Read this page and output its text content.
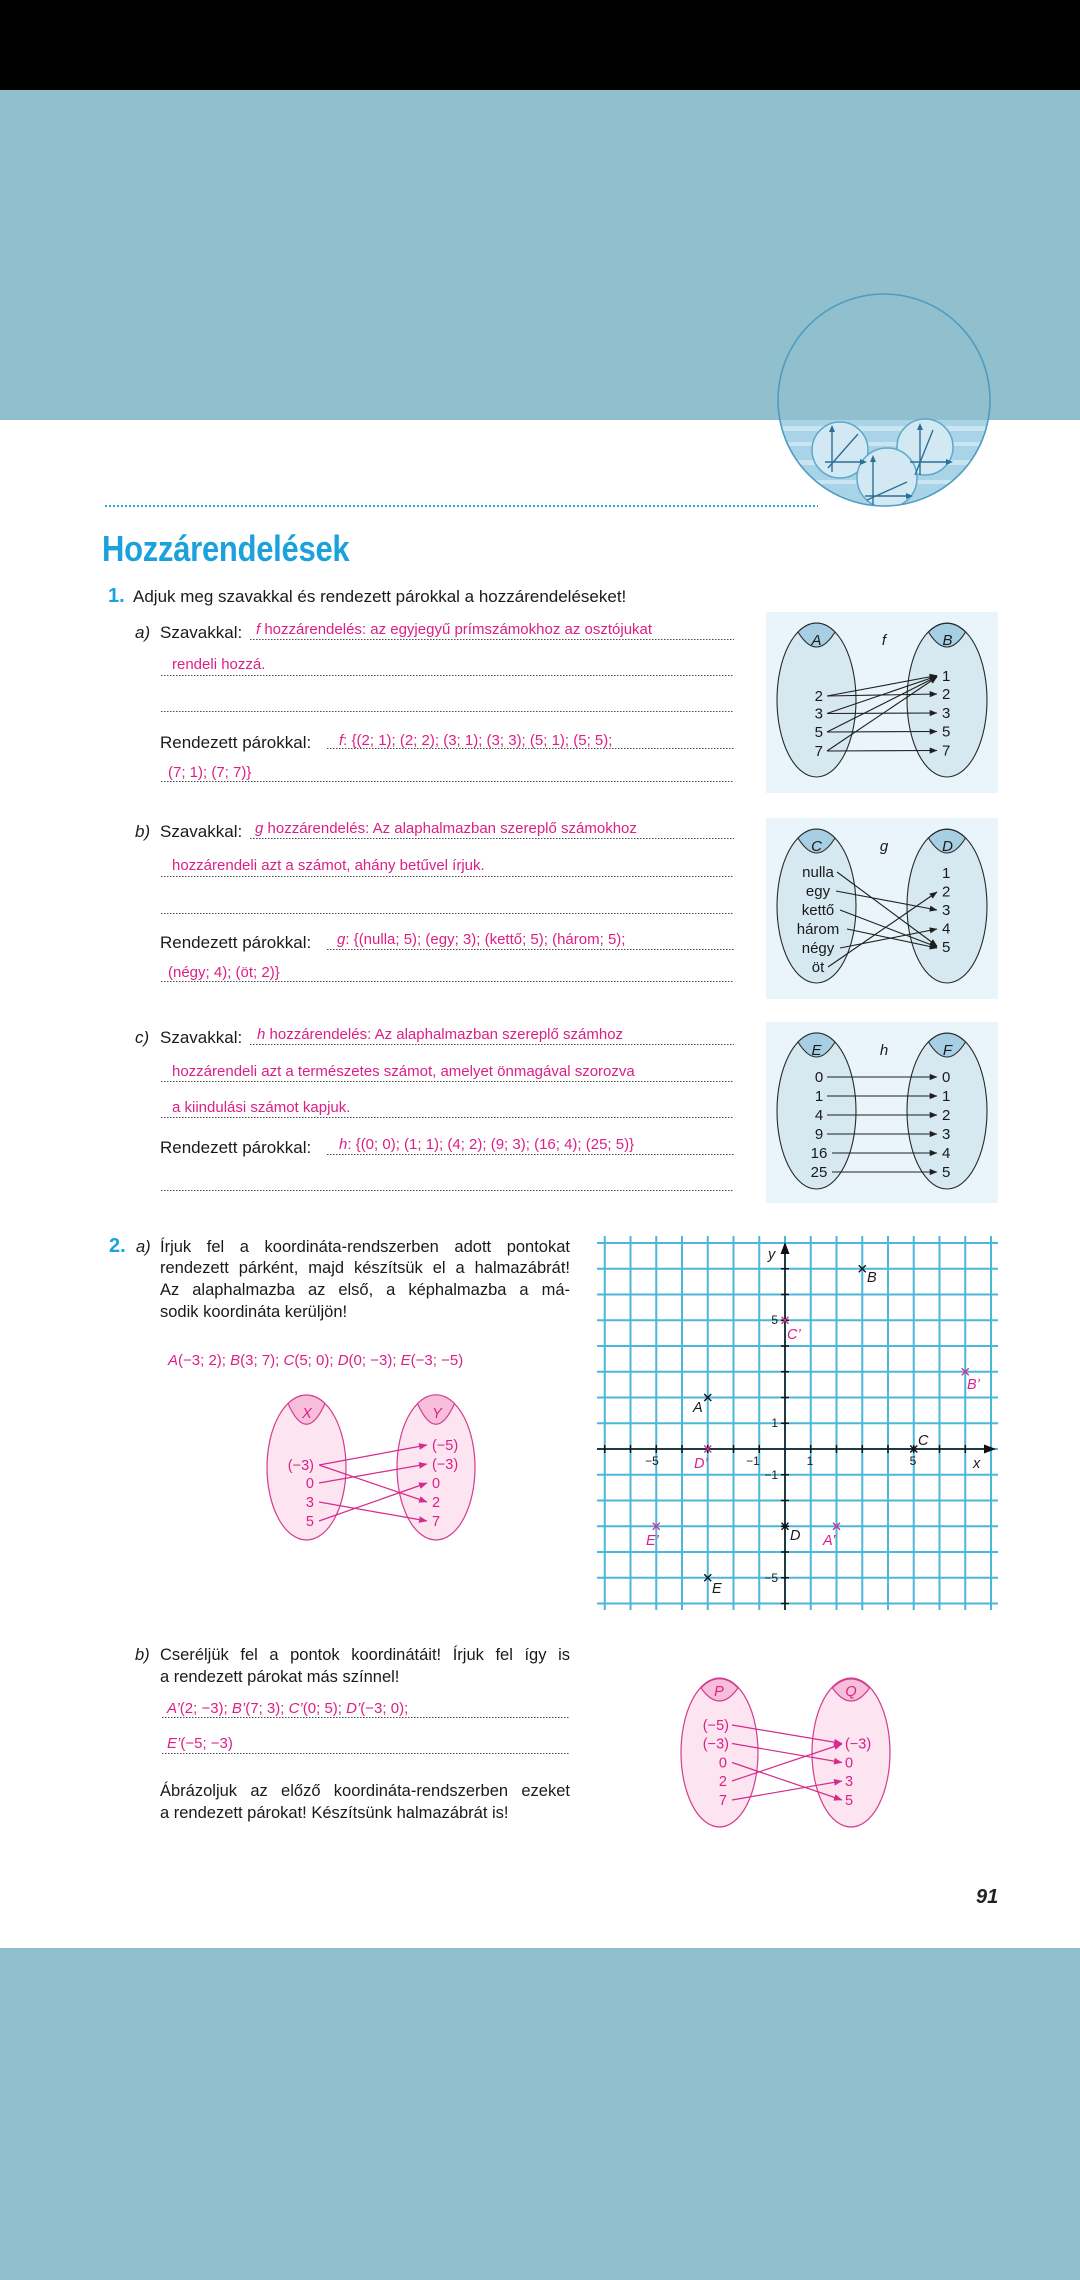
Hozzárendelések
1. Adjuk meg szavakkal és rendezett párokkal a hozzárendeléseket!
a) Szavakkal: f hozzárendelés: az egyjegyű prímszámokhoz az osztójukat
rendeli hozzá.
Rendezett párokkal: f: {(2; 1); (2; 2); (3; 1); (3; 3); (5; 1); (5; 5);
(7; 1); (7; 7)}
b) Szavakkal: g hozzárendelés: Az alaphalmazban szereplő számokhoz
hozzárendeli azt a számot, ahány betűvel írjuk.
Rendezett párokkal: g: {(nulla; 5); (egy; 3); (kettő; 5); (három; 5);
(négy; 4); (öt; 2)}
c) Szavakkal: h hozzárendelés: Az alaphalmazban szereplő számhoz
hozzárendeli azt a természetes számot, amelyet önmagával szorozva
a kiindulási számot kapjuk.
Rendezett párokkal: h: {(0; 0); (1; 1); (4; 2); (9; 3); (16; 4); (25; 5)}
A	B
f
2
3
5
7
1
2
3
5
7
C	D
g
nulla
egy
kettő
három
négy
öt
1
2
3
4
5
E	F
h
0
1
4
9
16
25
0
1
2
3
4
5
2. a) Írjuk fel a koordináta-rendszerben adott pontokat
rendezett párként, majd készítsük el a halmazábrát!
Az alaphalmazba az első, a képhalmazba a má-
sodik koordináta kerüljön!
A(−3; 2); B(3; 7); C(5; 0); D(0; −3); E(−3; −5)
X	Y
(−3)
0
3
5
(−5)
(−3)
0
2
7
−5	−1	1	5
5
1
−1
−5
x
y
A
B
C
D
E
A’
B’
C’
D’
E’
b) Cseréljük fel a pontok koordinátáit! Írjuk fel így is
a rendezett párokat más színnel!
A’(2; −3); B’(7; 3); C’(0; 5); D’(−3; 0);
E’(−5; −3)
Ábrázoljuk az előző koordináta-rendszerben ezeket
a rendezett párokat! Készítsünk halmazábrát is!
P	Q
(−5)
(−3)
0
2
7
(−3)
0
3
5
91
